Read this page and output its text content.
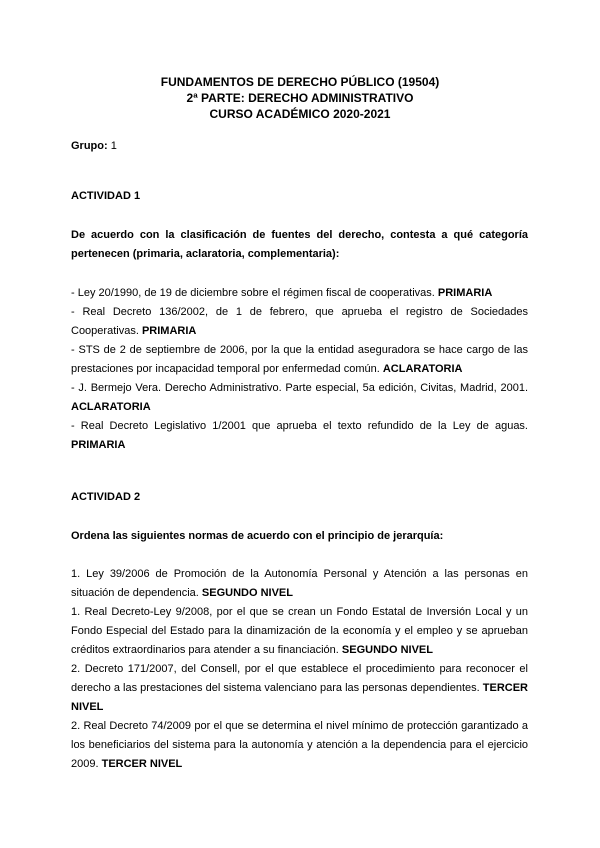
FUNDAMENTOS DE DERECHO PÚBLICO (19504)
2ª PARTE: DERECHO ADMINISTRATIVO
CURSO ACADÉMICO 2020-2021
Grupo: 1
ACTIVIDAD 1
De acuerdo con la clasificación de fuentes del derecho, contesta a qué categoría pertenecen (primaria, aclaratoria, complementaria):

- Ley 20/1990, de 19 de diciembre sobre el régimen fiscal de cooperativas. PRIMARIA

- Real Decreto 136/2002, de 1 de febrero, que aprueba el registro de Sociedades Cooperativas. PRIMARIA

- STS de 2 de septiembre de 2006, por la que la entidad aseguradora se hace cargo de las prestaciones por incapacidad temporal por enfermedad común. ACLARATORIA

- J. Bermejo Vera. Derecho Administrativo. Parte especial, 5a edición, Civitas, Madrid, 2001. ACLARATORIA

- Real Decreto Legislativo 1/2001 que aprueba el texto refundido de la Ley de aguas. PRIMARIA

ACTIVIDAD 2
Ordena las siguientes normas de acuerdo con el principio de jerarquía:

1. Ley 39/2006 de Promoción de la Autonomía Personal y Atención a las personas en situación de dependencia. SEGUNDO NIVEL

1. Real Decreto-Ley 9/2008, por el que se crean un Fondo Estatal de Inversión Local y un Fondo Especial del Estado para la dinamización de la economía y el empleo y se aprueban créditos extraordinarios para atender a su financiación. SEGUNDO NIVEL

2. Decreto 171/2007, del Consell, por el que establece el procedimiento para reconocer el derecho a las prestaciones del sistema valenciano para las personas dependientes. TERCER NIVEL

2. Real Decreto 74/2009 por el que se determina el nivel mínimo de protección garantizado a los beneficiarios del sistema para la autonomía y atención a la dependencia para el ejercicio 2009. TERCER NIVEL
